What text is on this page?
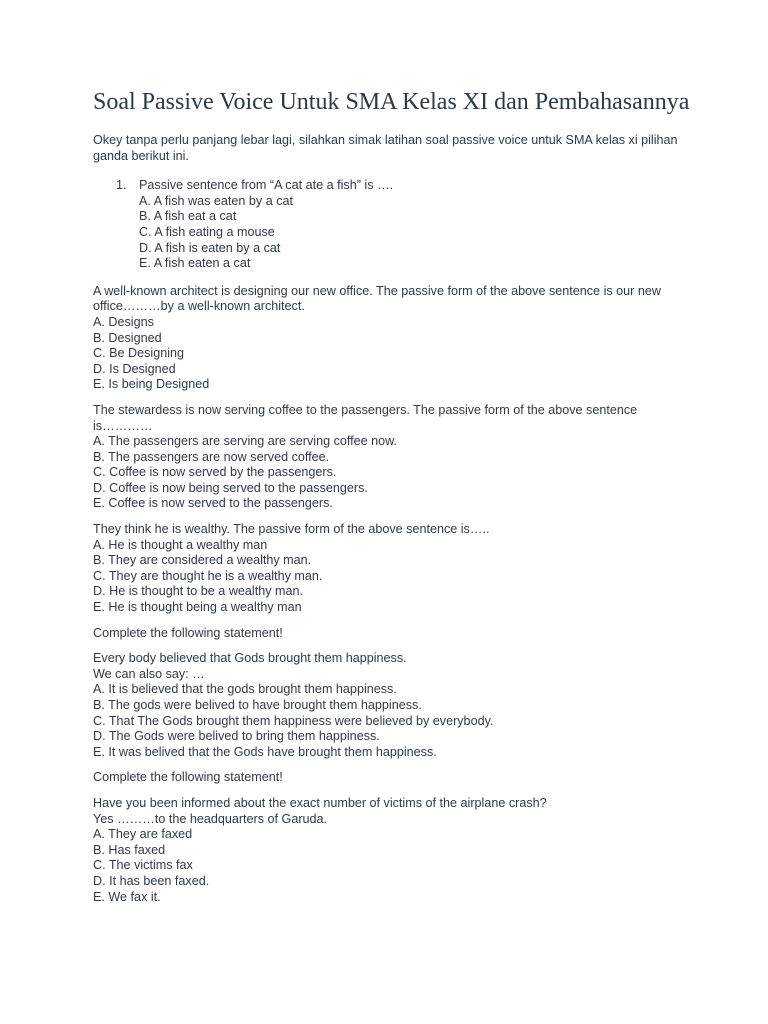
Soal Passive Voice Untuk SMA Kelas XI dan Pembahasannya

Okey tanpa perlu panjang lebar lagi, silahkan simak latihan soal passive voice untuk SMA kelas xi pilihan ganda berikut ini.

1. Passive sentence from “A cat ate a fish” is ….
A. A fish was eaten by a cat
B. A fish eat a cat
C. A fish eating a mouse
D. A fish is eaten by a cat
E. A fish eaten a cat
A well-known architect is designing our new office. The passive form of the above sentence is our new office………by a well-known architect.
A. Designs
B. Designed
C. Be Designing
D. Is Designed
E. Is being Designed
The stewardess is now serving coffee to the passengers. The passive form of the above sentence is…………
A. The passengers are serving are serving coffee now.
B. The passengers are now served coffee.
C. Coffee is now served by the passengers.
D. Coffee is now being served to the passengers.
E. Coffee is now served to the passengers.
They think he is wealthy. The passive form of the above sentence is…..
A. He is thought a wealthy man
B. They are considered a wealthy man.
C. They are thought he is a wealthy man.
D. He is thought to be a wealthy man.
E. He is thought being a wealthy man

Complete the following statement!

Every body believed that Gods brought them happiness.
We can also say: …
A. It is believed that the gods brought them happiness.
B. The gods were belived to have brought them happiness.
C. That The Gods brought them happiness were believed by everybody.
D. The Gods were belived to bring them happiness.
E. It was belived that the Gods have brought them happiness.

Complete the following statement!

Have you been informed about the exact number of victims of the airplane crash?
Yes ………to the headquarters of Garuda.
A. They are faxed
B. Has faxed
C. The victims fax
D. It has been faxed.
E. We fax it.
